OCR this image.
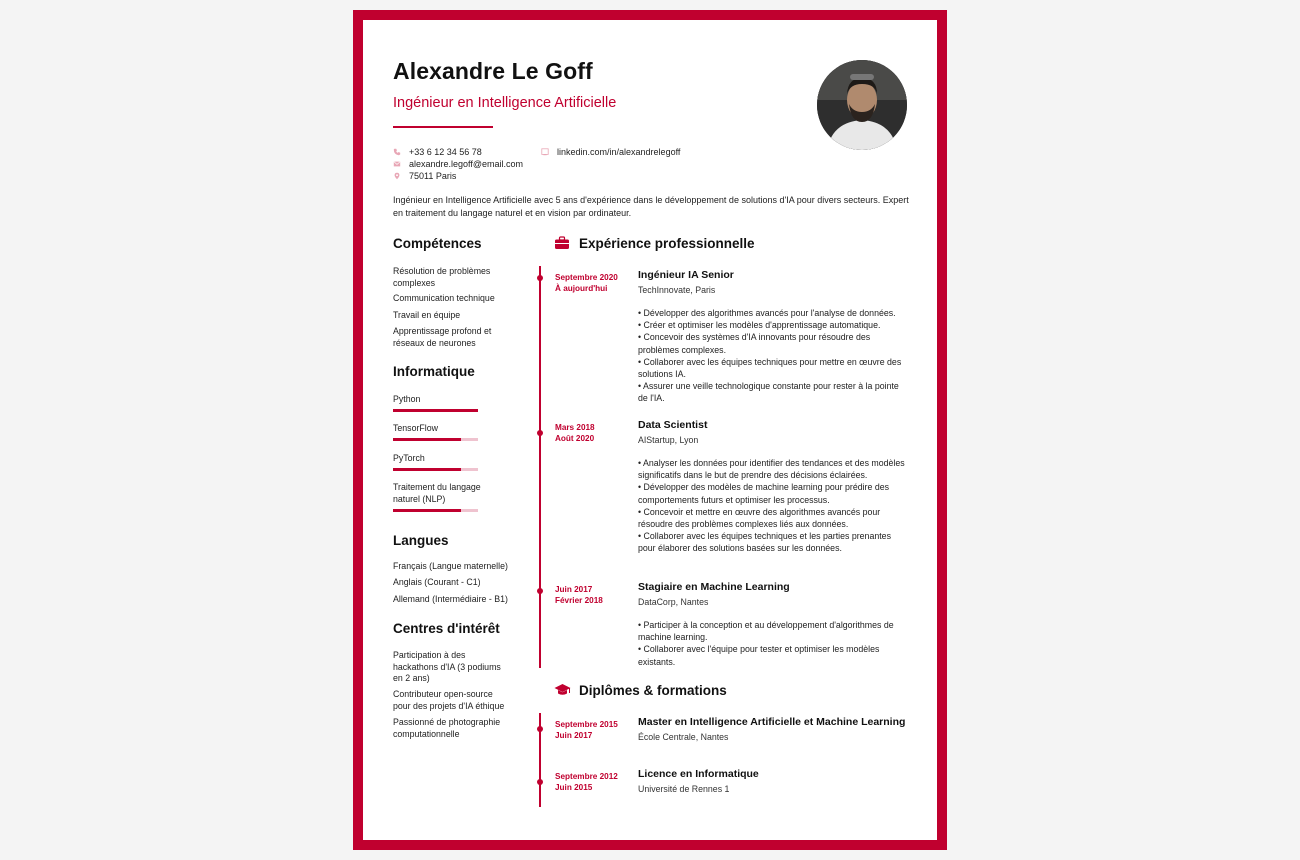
Alexandre Le Goff
Ingénieur en Intelligence Artificielle
+33 6 12 34 56 78
alexandre.legoff@email.com
75011 Paris
linkedin.com/in/alexandrelegoff
Ingénieur en Intelligence Artificielle avec 5 ans d'expérience dans le développement de solutions d'IA pour divers secteurs. Expert en traitement du langage naturel et en vision par ordinateur.
Compétences
Résolution de problèmes complexes
Communication technique
Travail en équipe
Apprentissage profond et réseaux de neurones
Informatique
Python
TensorFlow
PyTorch
Traitement du langage naturel (NLP)
Langues
Français (Langue maternelle)
Anglais (Courant - C1)
Allemand (Intermédiaire - B1)
Centres d'intérêt
Participation à des hackathons d'IA (3 podiums en 2 ans)
Contributeur open-source pour des projets d'IA éthique
Passionné de photographie computationnelle
Expérience professionnelle
Septembre 2020
À aujourd'hui
Ingénieur IA Senior
TechInnovate, Paris
• Développer des algorithmes avancés pour l'analyse de données.
• Créer et optimiser les modèles d'apprentissage automatique.
• Concevoir des systèmes d'IA innovants pour résoudre des problèmes complexes.
• Collaborer avec les équipes techniques pour mettre en œuvre des solutions IA.
• Assurer une veille technologique constante pour rester à la pointe de l'IA.
Mars 2018
Août 2020
Data Scientist
AIStartup, Lyon
• Analyser les données pour identifier des tendances et des modèles significatifs dans le but de prendre des décisions éclairées.
• Développer des modèles de machine learning pour prédire des comportements futurs et optimiser les processus.
• Concevoir et mettre en œuvre des algorithmes avancés pour résoudre des problèmes complexes liés aux données.
• Collaborer avec les équipes techniques et les parties prenantes pour élaborer des solutions basées sur les données.
Juin 2017
Février 2018
Stagiaire en Machine Learning
DataCorp, Nantes
• Participer à la conception et au développement d'algorithmes de machine learning.
• Collaborer avec l'équipe pour tester et optimiser les modèles existants.
Diplômes & formations
Septembre 2015
Juin 2017
Master en Intelligence Artificielle et Machine Learning
École Centrale, Nantes
Septembre 2012
Juin 2015
Licence en Informatique
Université de Rennes 1
